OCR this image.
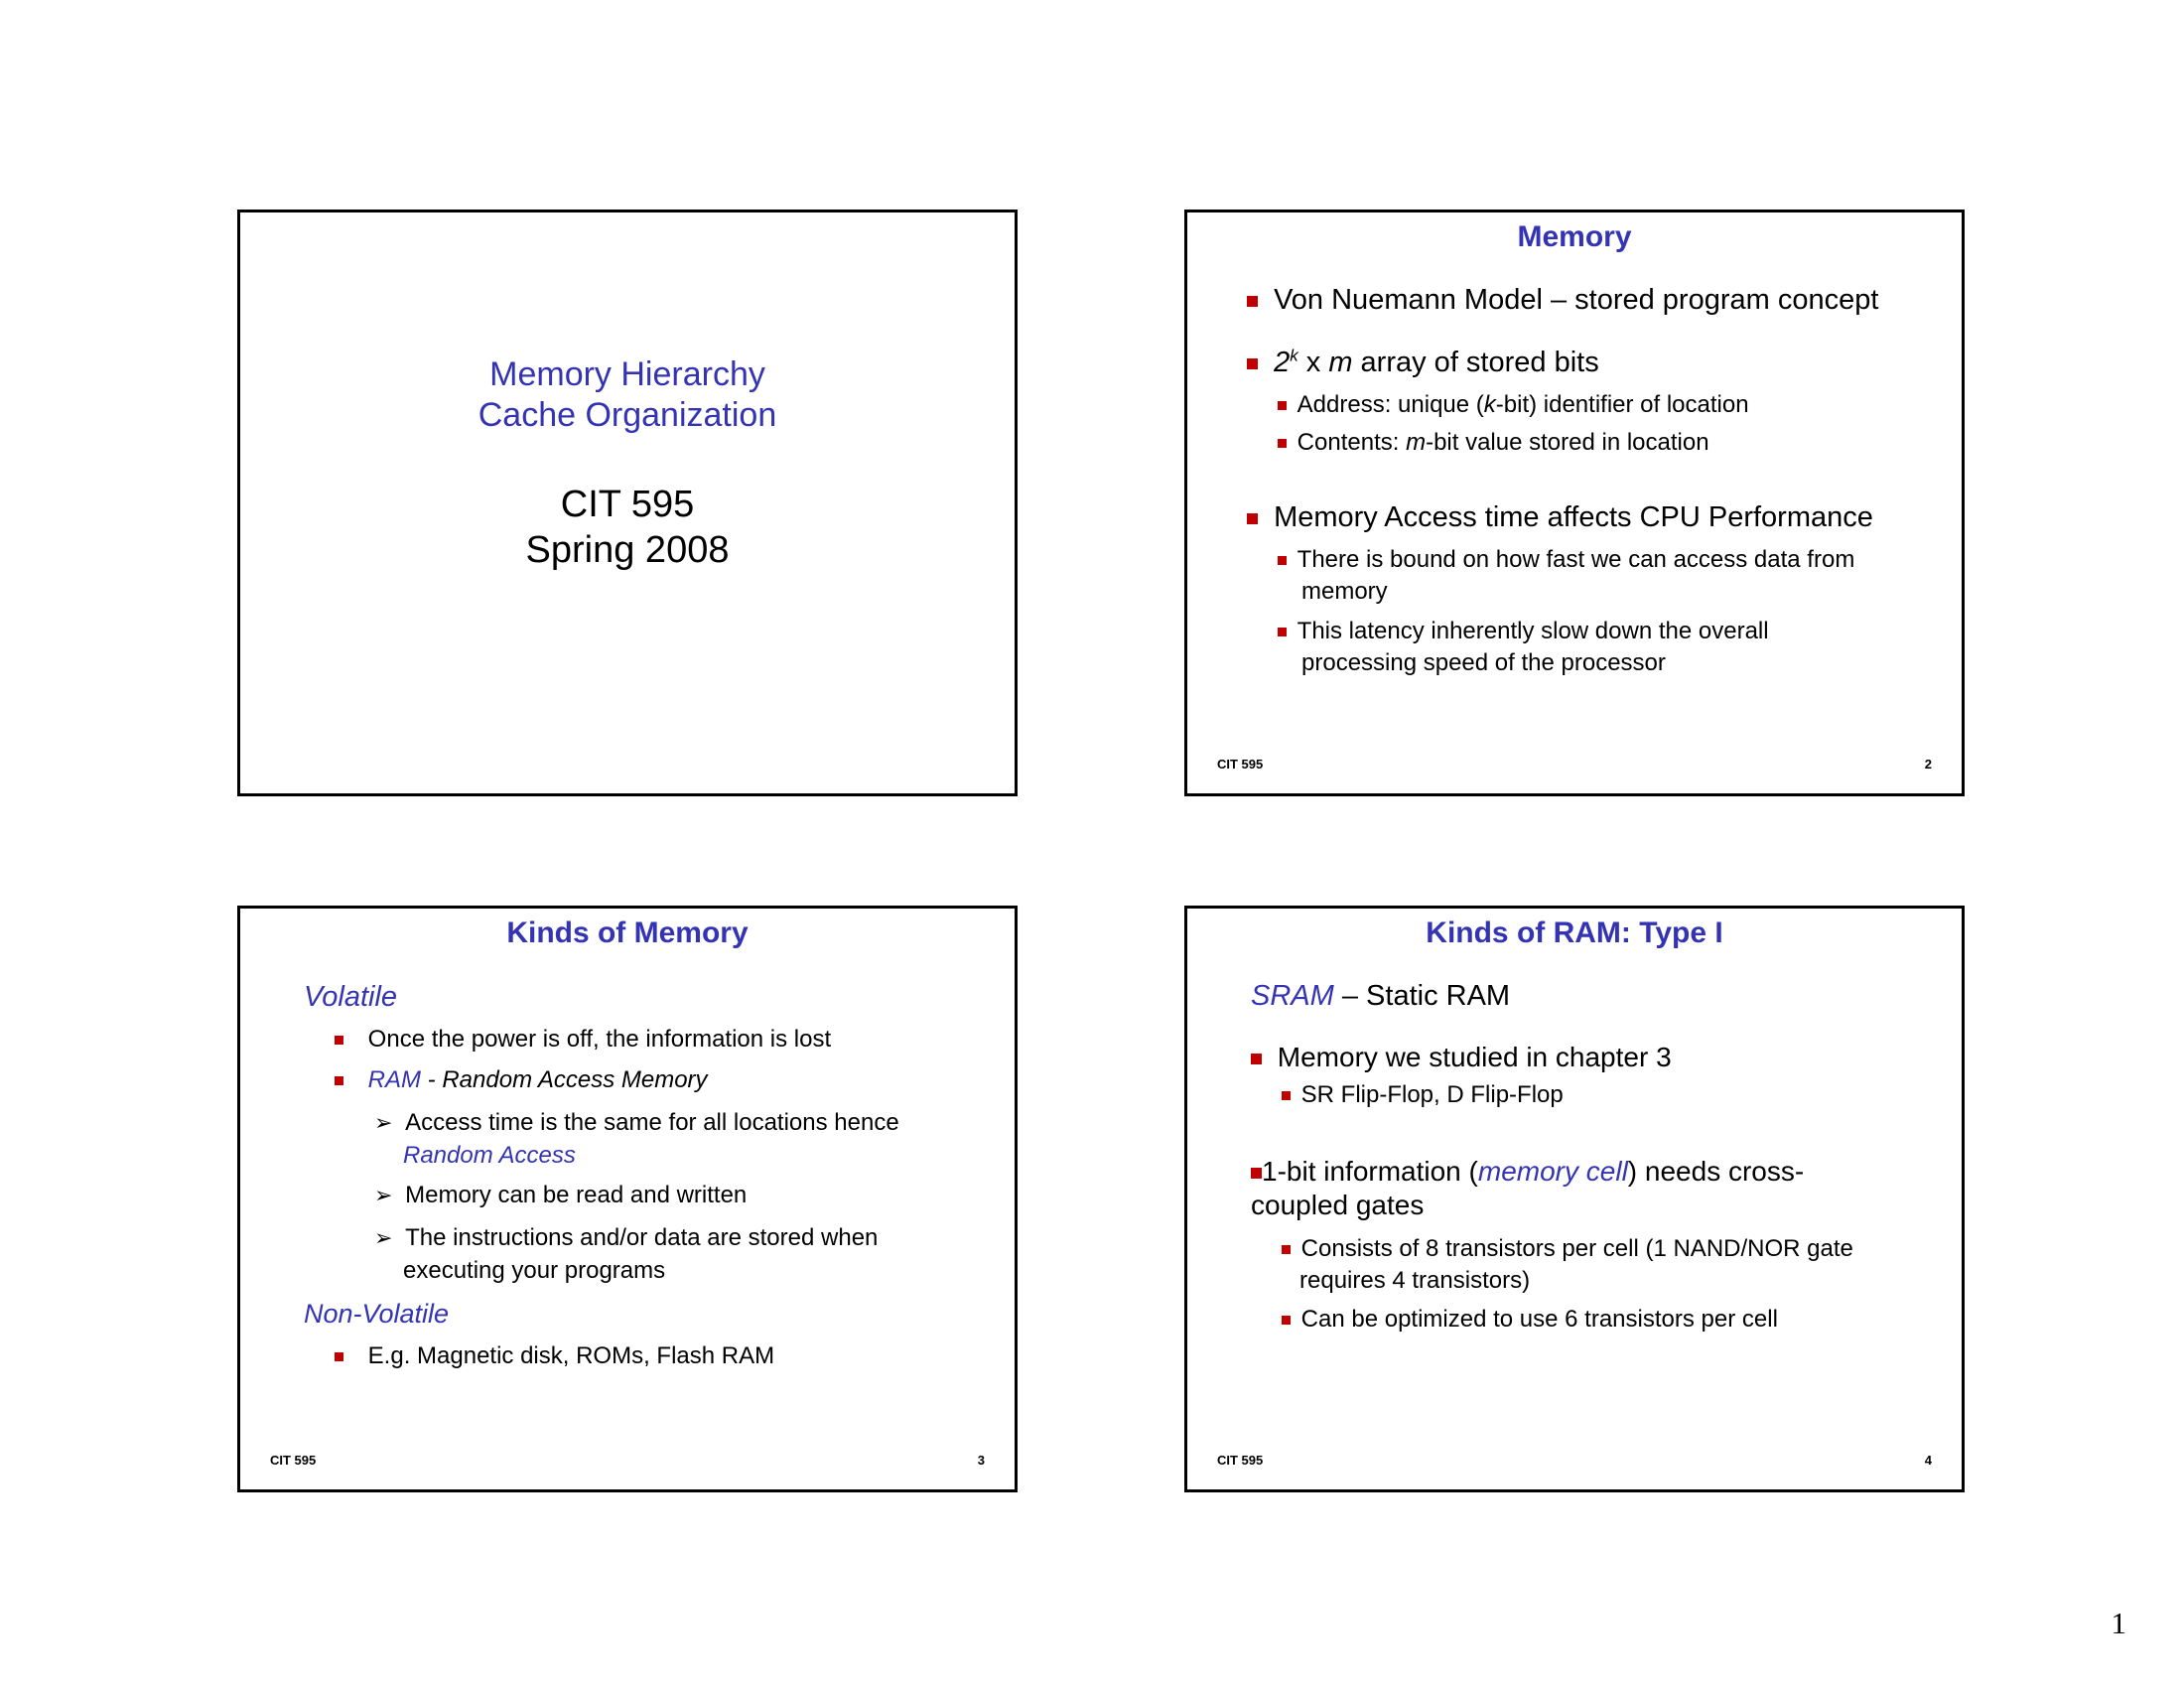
Memory Hierarchy
Cache Organization
CIT 595
Spring 2008
Memory
Von Nuemann Model – stored program concept
2$^k$ x m array of stored bits
Address: unique (k-bit) identifier of location
Contents: m-bit value stored in location
Memory Access time affects CPU Performance
There is bound on how fast we can access data from
memory
This latency inherently slow down the overall
processing speed of the processor
CIT 595	2
Kinds of Memory
Volatile
Once the power is off, the information is lost
RAM - Random Access Memory
➢ Access time is the same for all locations hence
Random Access
➢ Memory can be read and written
➢ The instructions and/or data are stored when
executing your programs
Non-Volatile
E.g. Magnetic disk, ROMs, Flash RAM
CIT 595	3
Kinds of RAM: Type I
SRAM – Static RAM
Memory we studied in chapter 3
SR Flip-Flop, D Flip-Flop
1-bit information (memory cell) needs cross-
coupled gates
Consists of 8 transistors per cell (1 NAND/NOR gate
requires 4 transistors)
Can be optimized to use 6 transistors per cell
CIT 595	4
1
